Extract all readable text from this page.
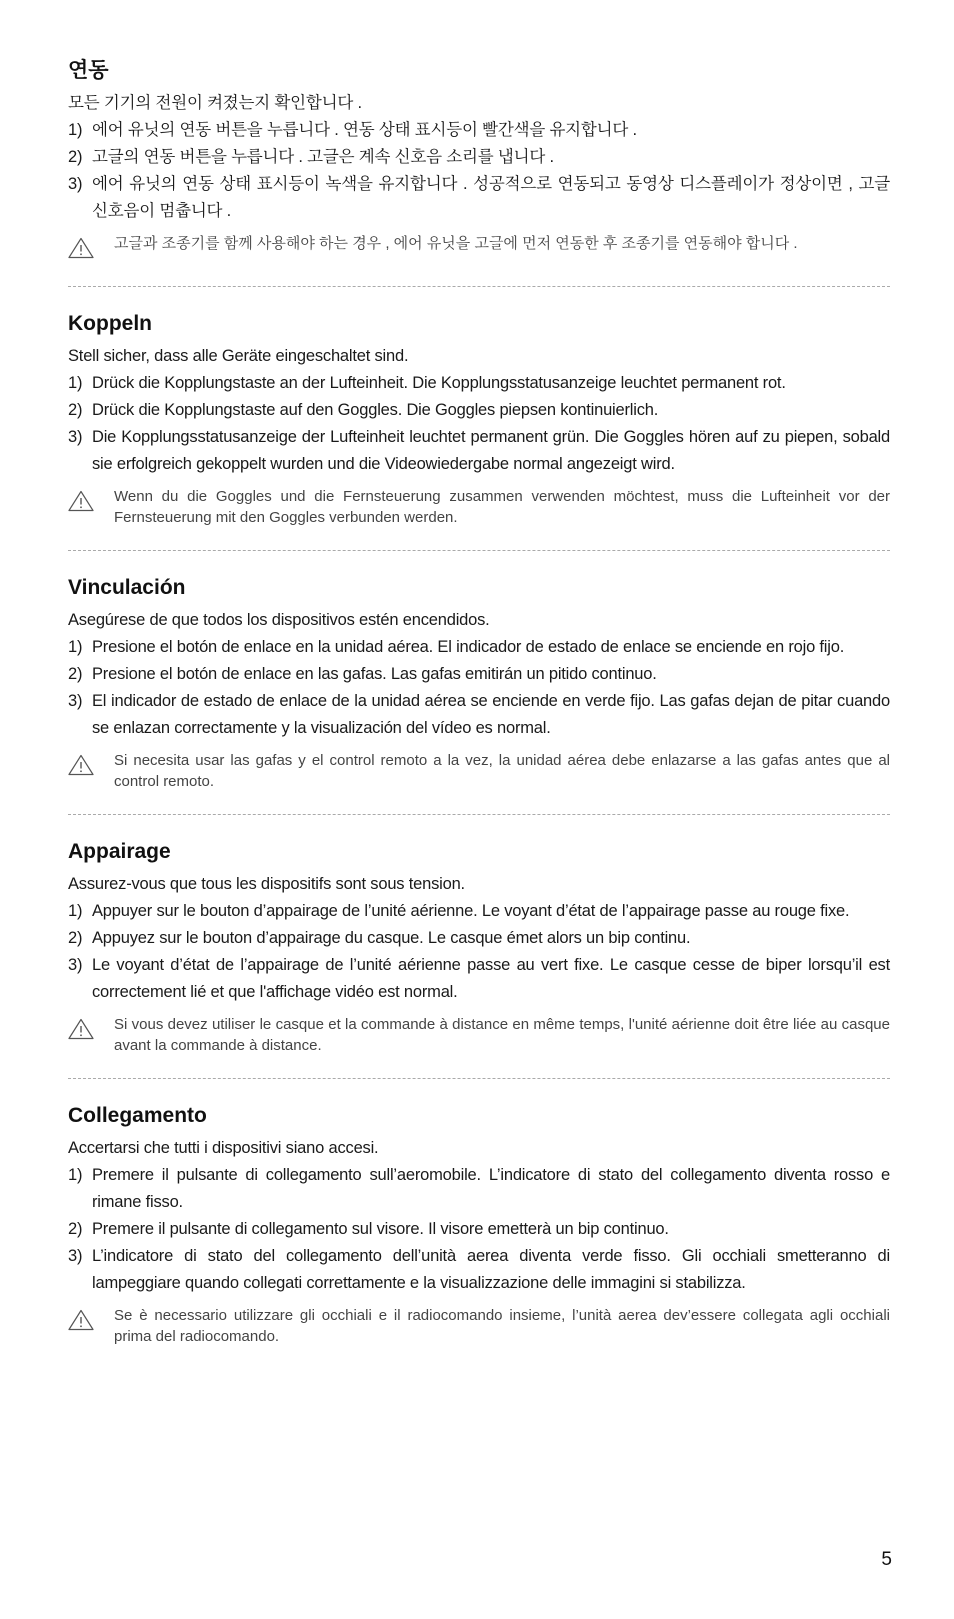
연동

모든 기기의 전원이 켜졌는지 확인합니다 .

1) 에어 유닛의 연동 버튼을 누릅니다 . 연동 상태 표시등이 빨간색을 유지합니다 .
2) 고글의 연동 버튼을 누릅니다 . 고글은 계속 신호음 소리를 냅니다 .
3) 에어 유닛의 연동 상태 표시등이 녹색을 유지합니다 . 성공적으로 연동되고 동영상 디스플레이가 정상이면 , 고글 신호음이 멈춥니다 .
고글과 조종기를 함께 사용해야 하는 경우 , 에어 유닛을 고글에 먼저 연동한 후 조종기를 연동해야 합니다 .
Koppeln

Stell sicher, dass alle Geräte eingeschaltet sind.

1) Drück die Kopplungstaste an der Lufteinheit. Die Kopplungsstatusanzeige leuchtet permanent rot.
2) Drück die Kopplungstaste auf den Goggles. Die Goggles piepsen kontinuierlich.
3) Die Kopplungsstatusanzeige der Lufteinheit leuchtet permanent grün. Die Goggles hören auf zu piepen, sobald sie erfolgreich gekoppelt wurden und die Videowiedergabe normal angezeigt wird.
Wenn du die Goggles und die Fernsteuerung zusammen verwenden möchtest, muss die Lufteinheit vor der Fernsteuerung mit den Goggles verbunden werden.
Vinculación

Asegúrese de que todos los dispositivos estén encendidos.

1) Presione el botón de enlace en la unidad aérea. El indicador de estado de enlace se enciende en rojo fijo.
2) Presione el botón de enlace en las gafas. Las gafas emitirán un pitido continuo.
3) El indicador de estado de enlace de la unidad aérea se enciende en verde fijo. Las gafas dejan de pitar cuando se enlazan correctamente y la visualización del vídeo es normal.
Si necesita usar las gafas y el control remoto a la vez, la unidad aérea debe enlazarse a las gafas antes que al control remoto.
Appairage

Assurez-vous que tous les dispositifs sont sous tension.

1) Appuyer sur le bouton d’appairage de l’unité aérienne. Le voyant d’état de l’appairage passe au rouge fixe.
2) Appuyez sur le bouton d’appairage du casque. Le casque émet alors un bip continu.
3) Le voyant d’état de l’appairage de l’unité aérienne passe au vert fixe. Le casque cesse de biper lorsqu’il est correctement lié et que l'affichage vidéo est normal.
Si vous devez utiliser le casque et la commande à distance en même temps, l'unité aérienne doit être liée au casque avant la commande à distance.
Collegamento

Accertarsi che tutti i dispositivi siano accesi.

1) Premere il pulsante di collegamento sull’aeromobile. L’indicatore di stato del collegamento diventa rosso e rimane fisso.
2) Premere il pulsante di collegamento sul visore. Il visore emetterà un bip continuo.
3) L’indicatore di stato del collegamento dell’unità aerea diventa verde fisso. Gli occhiali smetteranno di lampeggiare quando collegati correttamente e la visualizzazione delle immagini si stabilizza.
Se è necessario utilizzare gli occhiali e il radiocomando insieme, l’unità aerea dev’essere collegata agli occhiali prima del radiocomando.
5
